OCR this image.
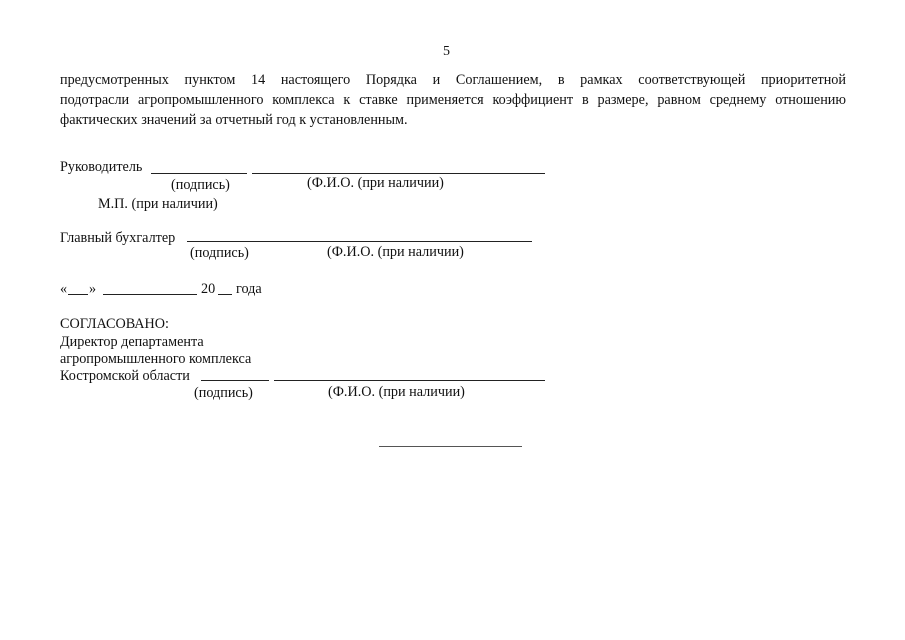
5
предусмотренных пунктом 14 настоящего Порядка и Соглашением, в рамках соответствующей приоритетной
подотрасли агропромышленного комплекса к ставке применяется коэффициент в размере, равном среднему отношению
фактических значений за отчетный год к установленным.
Руководитель
(подпись)	(Ф.И.О. (при наличии)
М.П. (при наличии)
Главный бухгалтер
(подпись)	(Ф.И.О. (при наличии)
« »	20 года
СОГЛАСОВАНО:
Директор департамента
агропромышленного комплекса
Костромской области
(подпись)	(Ф.И.О. (при наличии)
